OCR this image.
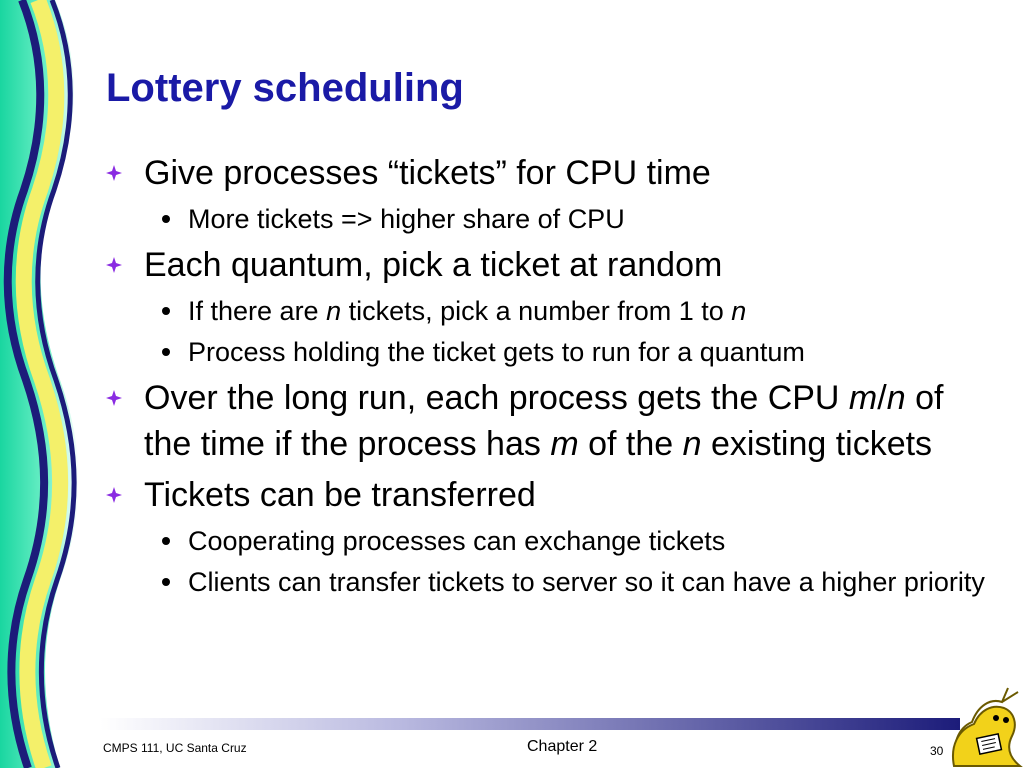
Lottery scheduling
Give processes “tickets” for CPU time
More tickets => higher share of CPU
Each quantum, pick a ticket at random
If there are n tickets, pick a number from 1 to n
Process holding the ticket gets to run for a quantum
Over the long run, each process gets the CPU m/n of the time if the process has m of the n existing tickets
Tickets can be transferred
Cooperating processes can exchange tickets
Clients can transfer tickets to server so it can have a higher priority
CMPS 111, UC Santa Cruz	Chapter 2	30
